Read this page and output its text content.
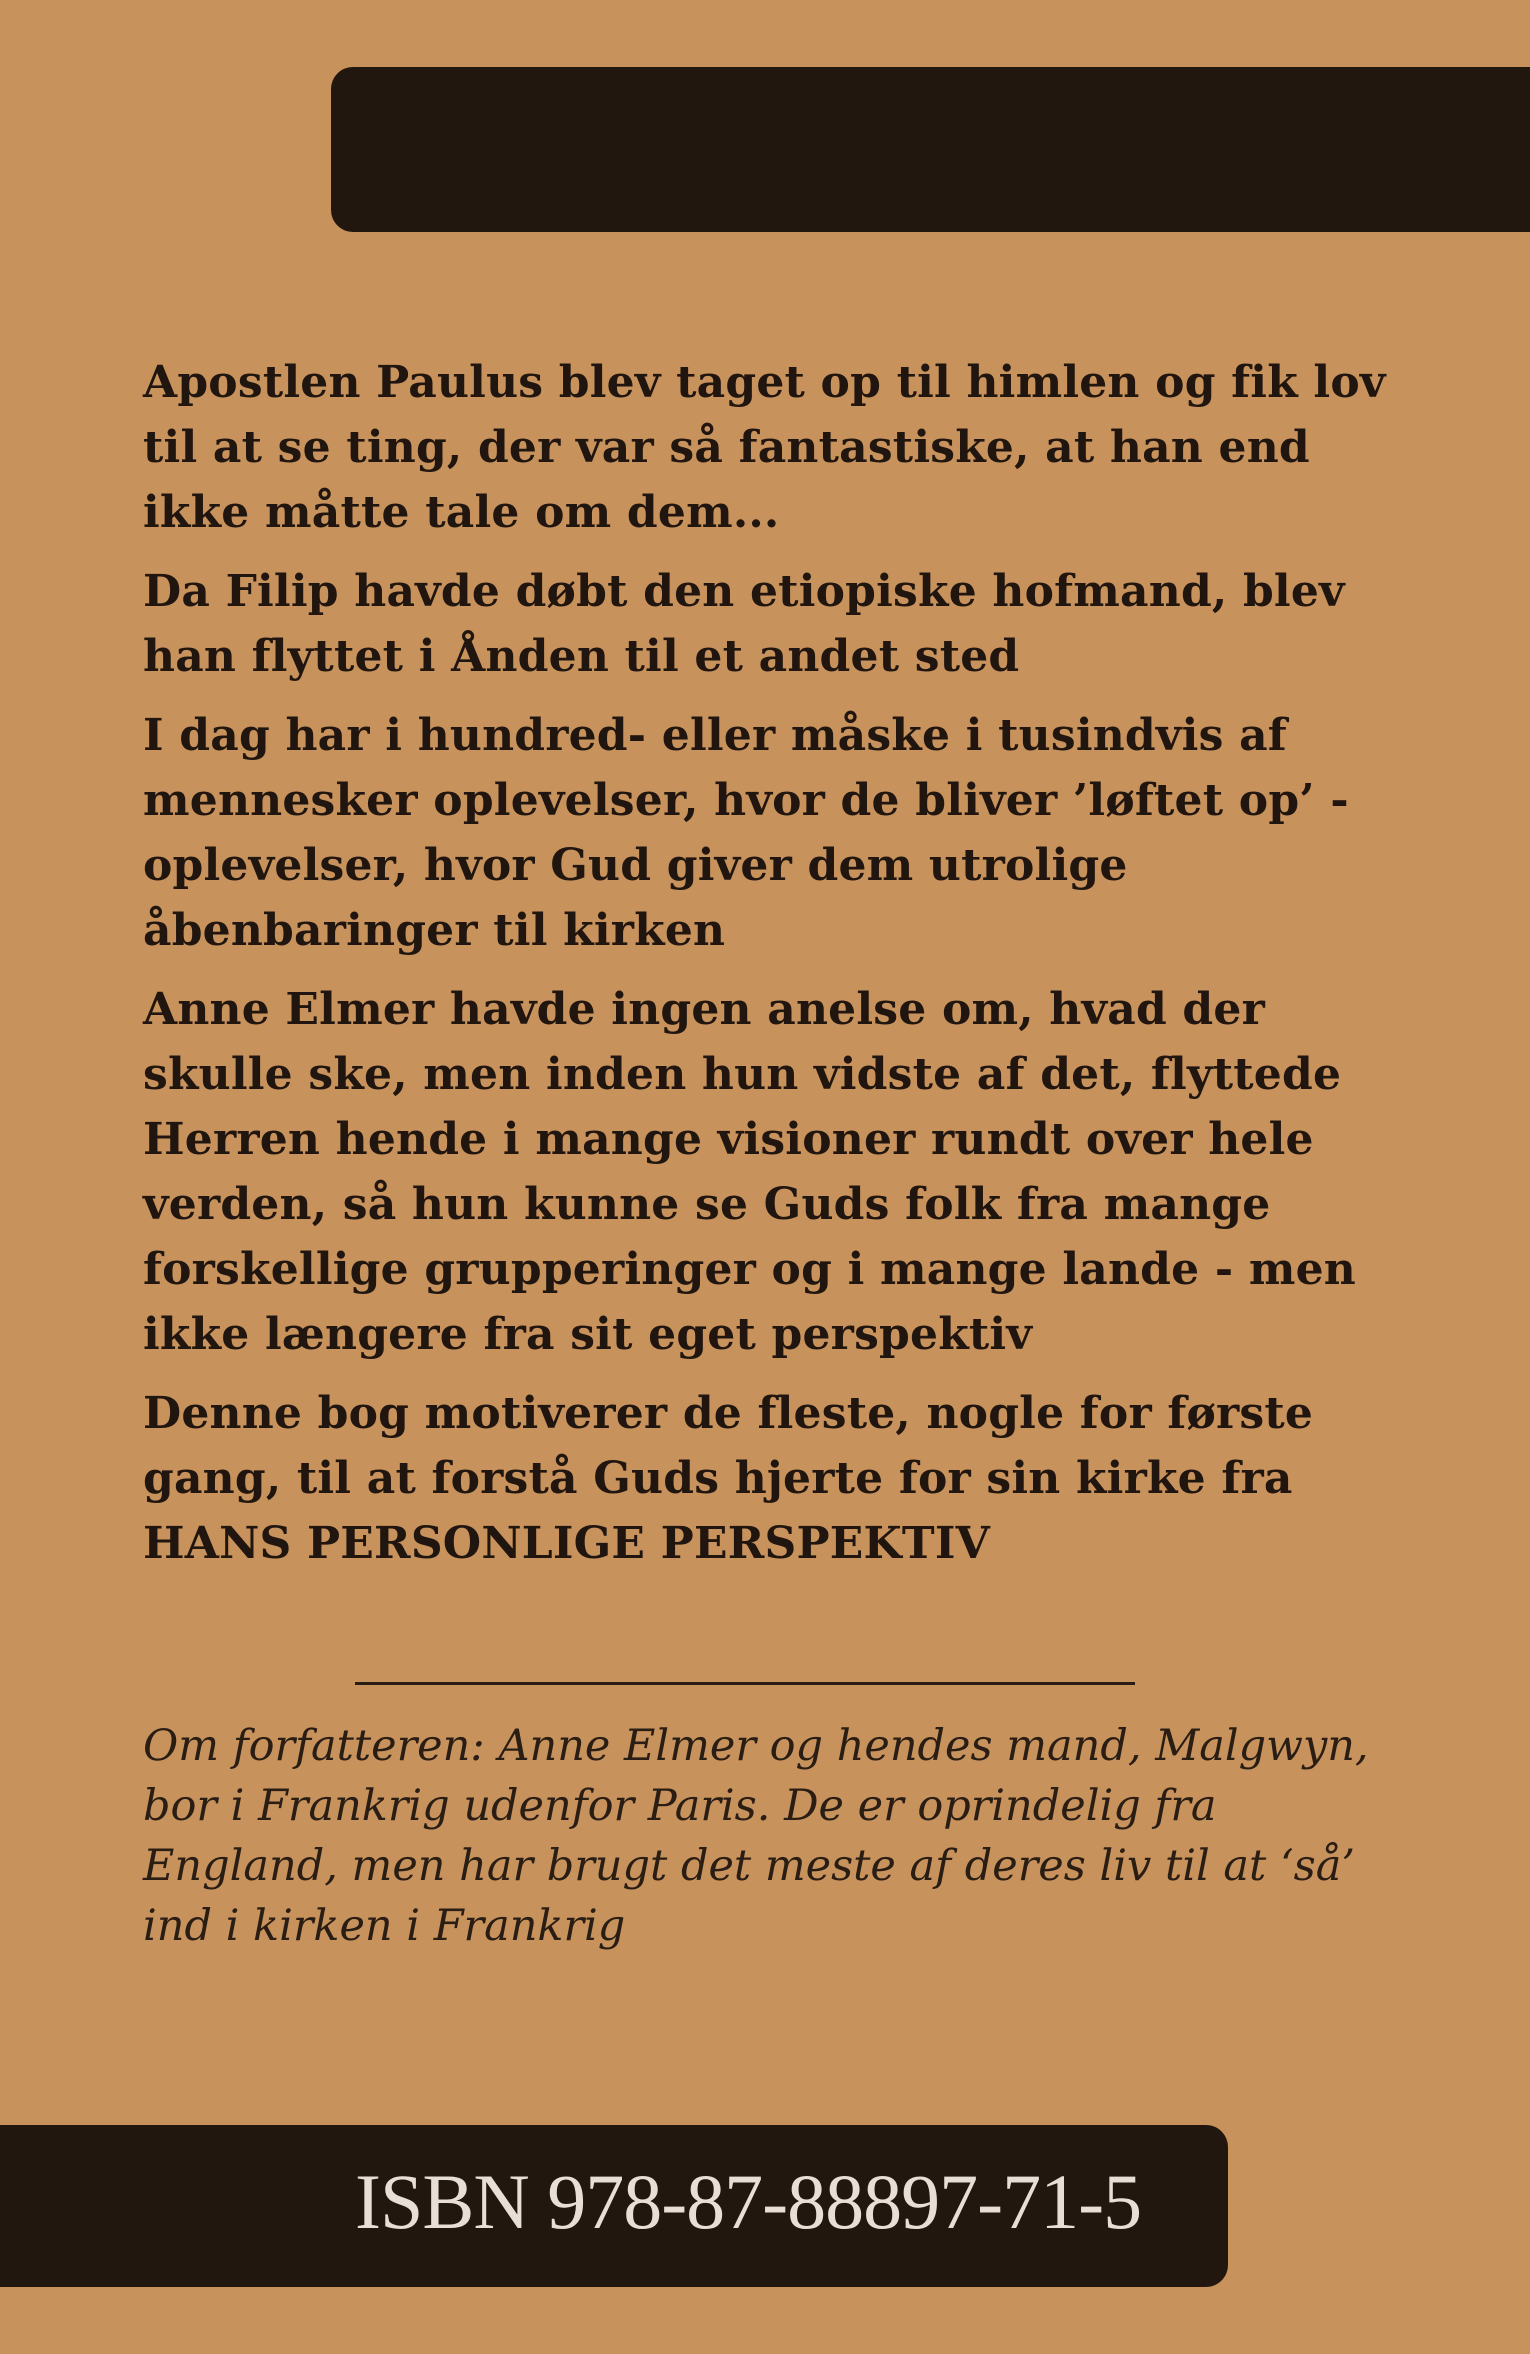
Apostlen Paulus blev taget op til himlen og fik lov til at se ting, der var så fantastiske, at han end ikke måtte tale om dem...

Da Filip havde døbt den etiopiske hofmand, blev han flyttet i Ånden til et andet sted

I dag har i hundred- eller måske i tusindvis af mennesker oplevelser, hvor de bliver ’løftet op’ - oplevelser, hvor Gud giver dem utrolige åbenbaringer til kirken

Anne Elmer havde ingen anelse om, hvad der skulle ske, men inden hun vidste af det, flyttede Herren hende i mange visioner rundt over hele verden, så hun kunne se Guds folk fra mange forskellige grupperinger og i mange lande - men ikke længere fra sit eget perspektiv

Denne bog motiverer de fleste, nogle for første gang, til at forstå Guds hjerte for sin kirke fra HANS PERSONLIGE PERSPEKTIV

Om forfatteren: Anne Elmer og hendes mand, Malgwyn, bor i Frankrig udenfor Paris. De er oprindelig fra England, men har brugt det meste af deres liv til at ‘så’ ind i kirken i Frankrig

ISBN 978-87-88897-71-5
